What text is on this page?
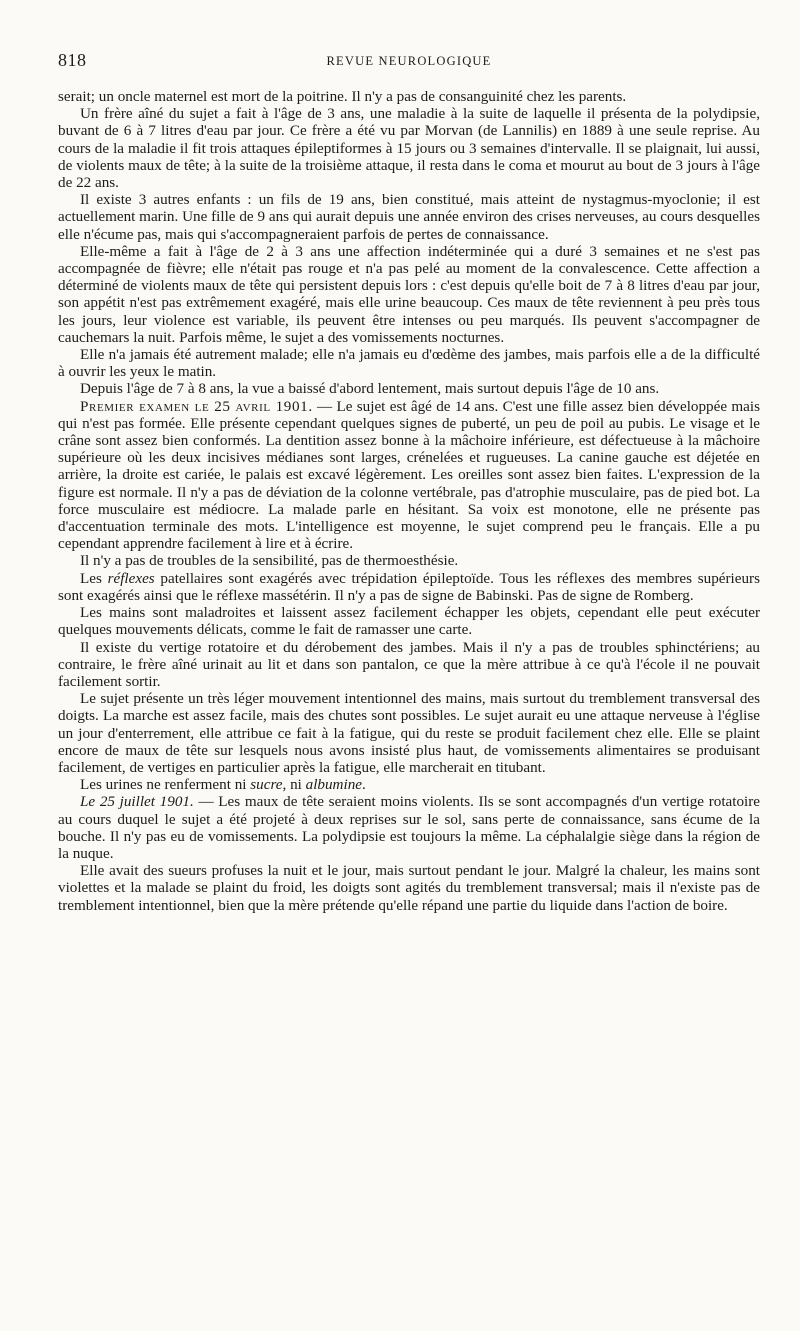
818	REVUE NEUROLOGIQUE

serait; un oncle maternel est mort de la poitrine. Il n'y a pas de consanguinité chez les parents.

Un frère aîné du sujet a fait à l'âge de 3 ans, une maladie à la suite de laquelle il présenta de la polydipsie, buvant de 6 à 7 litres d'eau par jour. Ce frère a été vu par Morvan (de Lannilis) en 1889 à une seule reprise. Au cours de la maladie il fit trois attaques épileptiformes à 15 jours ou 3 semaines d'intervalle. Il se plaignait, lui aussi, de violents maux de tête; à la suite de la troisième attaque, il resta dans le coma et mourut au bout de 3 jours à l'âge de 22 ans.

Il existe 3 autres enfants : un fils de 19 ans, bien constitué, mais atteint de nystagmus-myoclonie; il est actuellement marin. Une fille de 9 ans qui aurait depuis une année environ des crises nerveuses, au cours desquelles elle n'écume pas, mais qui s'accompagneraient parfois de pertes de connaissance.

Elle-même a fait à l'âge de 2 à 3 ans une affection indéterminée qui a duré 3 semaines et ne s'est pas accompagnée de fièvre; elle n'était pas rouge et n'a pas pelé au moment de la convalescence. Cette affection a déterminé de violents maux de tête qui persistent depuis lors : c'est depuis qu'elle boit de 7 à 8 litres d'eau par jour, son appétit n'est pas extrêmement exagéré, mais elle urine beaucoup. Ces maux de tête reviennent à peu près tous les jours, leur violence est variable, ils peuvent être intenses ou peu marqués. Ils peuvent s'accompagner de cauchemars la nuit. Parfois même, le sujet a des vomissements nocturnes.

Elle n'a jamais été autrement malade; elle n'a jamais eu d'œdème des jambes, mais parfois elle a de la difficulté à ouvrir les yeux le matin.

Depuis l'âge de 7 à 8 ans, la vue a baissé d'abord lentement, mais surtout depuis l'âge de 10 ans.

Premier examen le 25 avril 1901. — Le sujet est âgé de 14 ans. C'est une fille assez bien développée mais qui n'est pas formée. Elle présente cependant quelques signes de puberté, un peu de poil au pubis. Le visage et le crâne sont assez bien conformés. La dentition assez bonne à la mâchoire inférieure, est défectueuse à la mâchoire supérieure où les deux incisives médianes sont larges, crénelées et rugueuses. La canine gauche est déjetée en arrière, la droite est cariée, le palais est excavé légèrement. Les oreilles sont assez bien faites. L'expression de la figure est normale. Il n'y a pas de déviation de la colonne vertébrale, pas d'atrophie musculaire, pas de pied bot. La force musculaire est médiocre. La malade parle en hésitant. Sa voix est monotone, elle ne présente pas d'accentuation terminale des mots. L'intelligence est moyenne, le sujet comprend peu le français. Elle a pu cependant apprendre facilement à lire et à écrire.

Il n'y a pas de troubles de la sensibilité, pas de thermoesthésie.

Les réflexes patellaires sont exagérés avec trépidation épileptoïde. Tous les réflexes des membres supérieurs sont exagérés ainsi que le réflexe massétérin. Il n'y a pas de signe de Babinski. Pas de signe de Romberg.

Les mains sont maladroites et laissent assez facilement échapper les objets, cependant elle peut exécuter quelques mouvements délicats, comme le fait de ramasser une carte.

Il existe du vertige rotatoire et du dérobement des jambes. Mais il n'y a pas de troubles sphinctériens; au contraire, le frère aîné urinait au lit et dans son pantalon, ce que la mère attribue à ce qu'à l'école il ne pouvait facilement sortir.

Le sujet présente un très léger mouvement intentionnel des mains, mais surtout du tremblement transversal des doigts. La marche est assez facile, mais des chutes sont possibles. Le sujet aurait eu une attaque nerveuse à l'église un jour d'enterrement, elle attribue ce fait à la fatigue, qui du reste se produit facilement chez elle. Elle se plaint encore de maux de tête sur lesquels nous avons insisté plus haut, de vomissements alimentaires se produisant facilement, de vertiges en particulier après la fatigue, elle marcherait en titubant.

Les urines ne renferment ni sucre, ni albumine.

Le 25 juillet 1901. — Les maux de tête seraient moins violents. Ils se sont accompagnés d'un vertige rotatoire au cours duquel le sujet a été projeté à deux reprises sur le sol, sans perte de connaissance, sans écume de la bouche. Il n'y pas eu de vomissements. La polydipsie est toujours la même. La céphalalgie siège dans la région de la nuque.

Elle avait des sueurs profuses la nuit et le jour, mais surtout pendant le jour. Malgré la chaleur, les mains sont violettes et la malade se plaint du froid, les doigts sont agités du tremblement transversal; mais il n'existe pas de tremblement intentionnel, bien que la mère prétende qu'elle répand une partie du liquide dans l'action de boire.
